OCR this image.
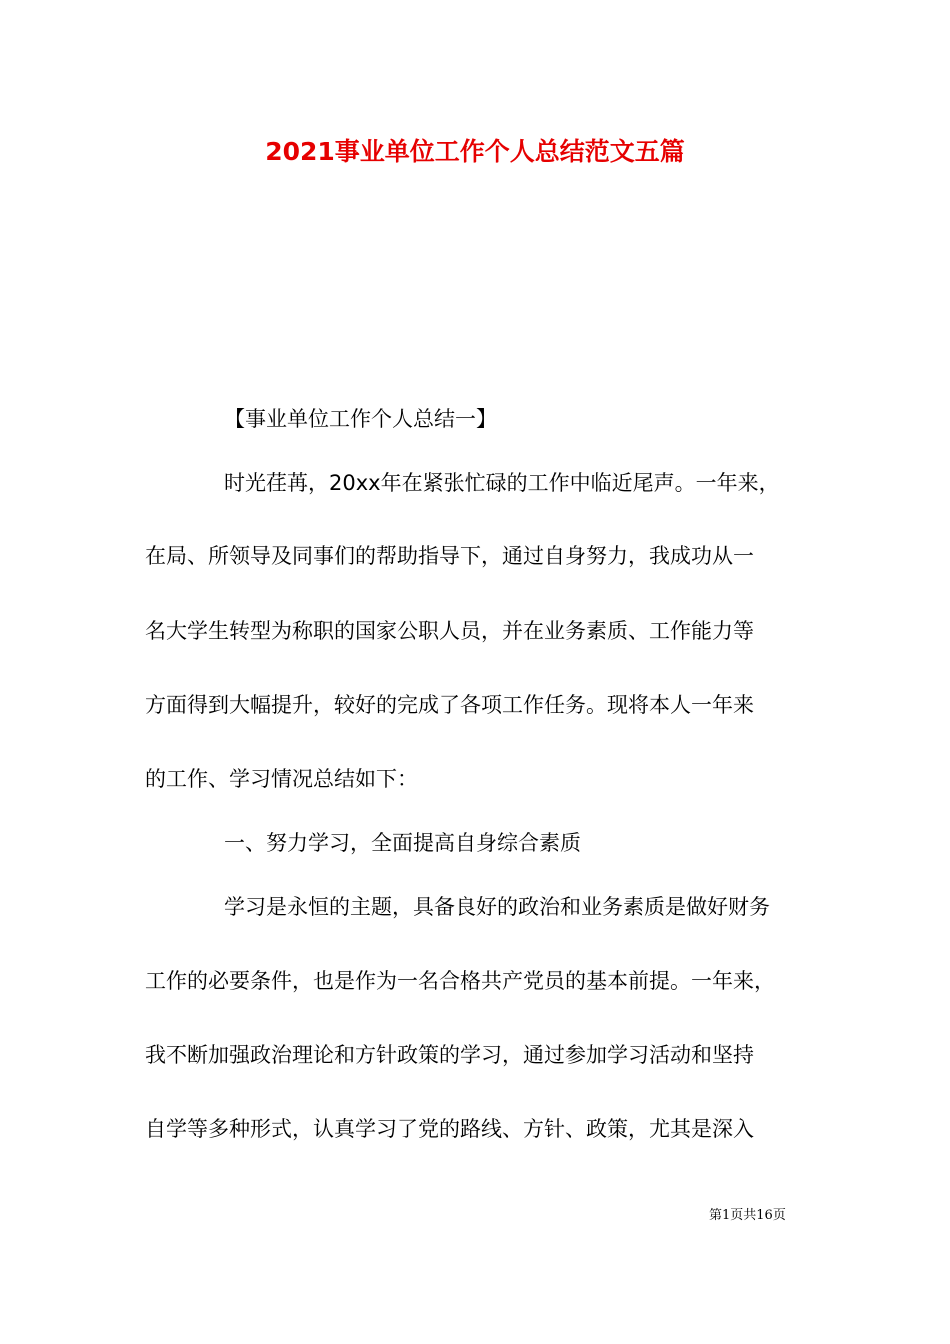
2021事业单位工作个人总结范文五篇

【事业单位工作个人总结一】

时光荏苒，20xx年在紧张忙碌的工作中临近尾声。一年来，

在局、所领导及同事们的帮助指导下，通过自身努力，我成功从一

名大学生转型为称职的国家公职人员，并在业务素质、工作能力等

方面得到大幅提升，较好的完成了各项工作任务。现将本人一年来

的工作、学习情况总结如下：

一、努力学习，全面提高自身综合素质

学习是永恒的主题，具备良好的政治和业务素质是做好财务

工作的必要条件，也是作为一名合格共产党员的基本前提。一年来，

我不断加强政治理论和方针政策的学习，通过参加学习活动和坚持

自学等多种形式，认真学习了党的路线、方针、政策，尤其是深入

第1页共16页
